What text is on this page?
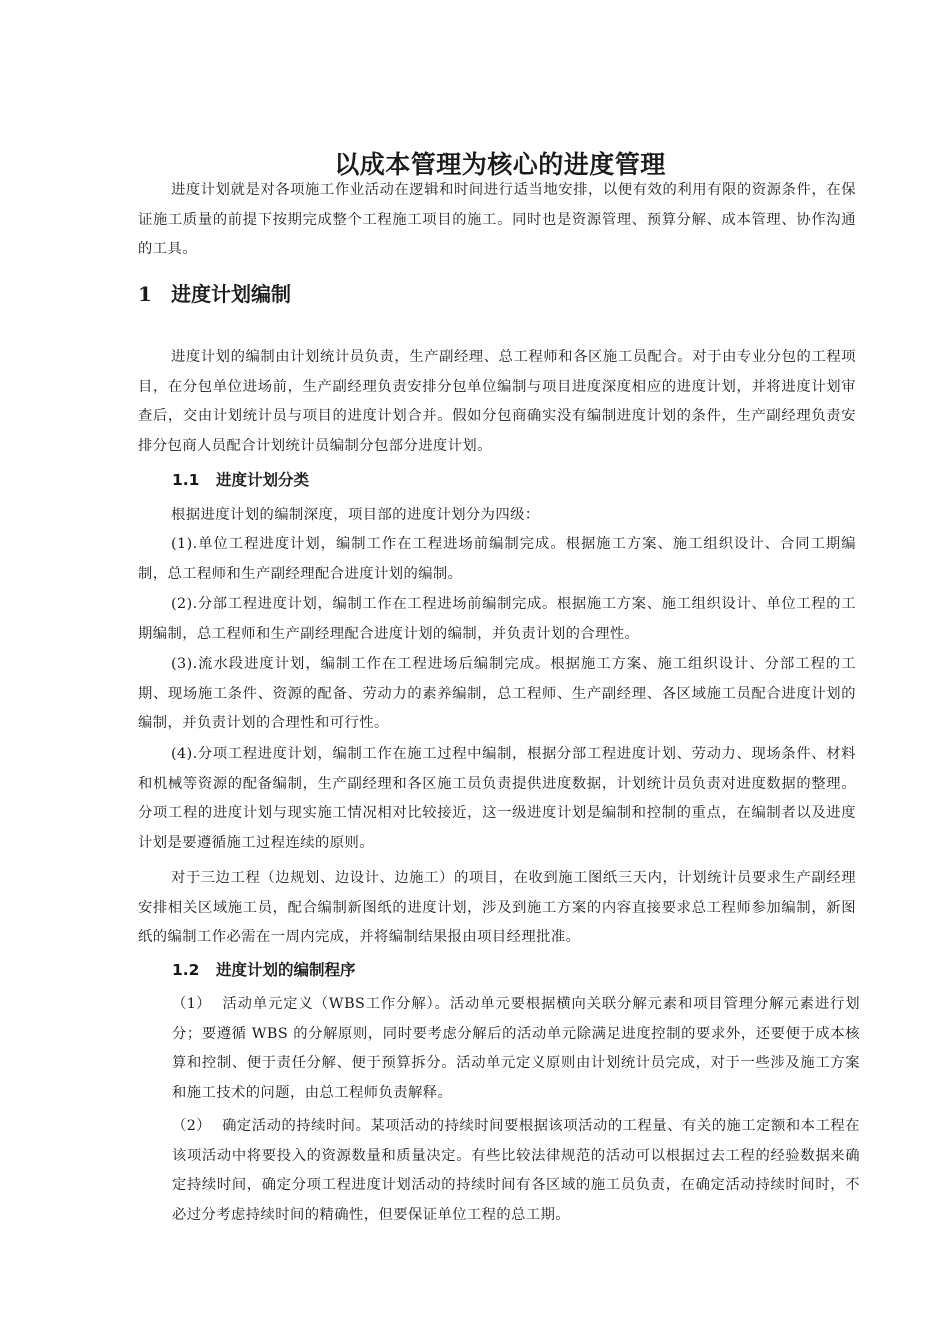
以成本管理为核心的进度管理

进度计划就是对各项施工作业活动在逻辑和时间进行适当地安排，以便有效的利用有限的资源条件，在保证施工质量的前提下按期完成整个工程施工项目的施工。同时也是资源管理、预算分解、成本管理、协作沟通的工具。

1 进度计划编制

进度计划的编制由计划统计员负责，生产副经理、总工程师和各区施工员配合。对于由专业分包的工程项目，在分包单位进场前，生产副经理负责安排分包单位编制与项目进度深度相应的进度计划，并将进度计划审查后，交由计划统计员与项目的进度计划合并。假如分包商确实没有编制进度计划的条件，生产副经理负责安排分包商人员配合计划统计员编制分包部分进度计划。

1.1 进度计划分类

根据进度计划的编制深度，项目部的进度计划分为四级：

(1).单位工程进度计划，编制工作在工程进场前编制完成。根据施工方案、施工组织设计、合同工期编制，总工程师和生产副经理配合进度计划的编制。

(2).分部工程进度计划，编制工作在工程进场前编制完成。根据施工方案、施工组织设计、单位工程的工期编制，总工程师和生产副经理配合进度计划的编制，并负责计划的合理性。

(3).流水段进度计划，编制工作在工程进场后编制完成。根据施工方案、施工组织设计、分部工程的工期、现场施工条件、资源的配备、劳动力的素养编制，总工程师、生产副经理、各区域施工员配合进度计划的编制，并负责计划的合理性和可行性。

(4).分项工程进度计划，编制工作在施工过程中编制，根据分部工程进度计划、劳动力、现场条件、材料和机械等资源的配备编制，生产副经理和各区施工员负责提供进度数据，计划统计员负责对进度数据的整理。分项工程的进度计划与现实施工情况相对比较接近，这一级进度计划是编制和控制的重点，在编制者以及进度计划是要遵循施工过程连续的原则。

对于三边工程（边规划、边设计、边施工）的项目，在收到施工图纸三天内，计划统计员要求生产副经理安排相关区域施工员，配合编制新图纸的进度计划，涉及到施工方案的内容直接要求总工程师参加编制，新图纸的编制工作必需在一周内完成，并将编制结果报由项目经理批准。

1.2 进度计划的编制程序

（1） 活动单元定义（WBS工作分解）。活动单元要根据横向关联分解元素和项目管理分解元素进行划分；要遵循 WBS 的分解原则，同时要考虑分解后的活动单元除满足进度控制的要求外，还要便于成本核算和控制、便于责任分解、便于预算拆分。活动单元定义原则由计划统计员完成，对于一些涉及施工方案和施工技术的问题，由总工程师负责解释。

（2） 确定活动的持续时间。某项活动的持续时间要根据该项活动的工程量、有关的施工定额和本工程在该项活动中将要投入的资源数量和质量决定。有些比较法律规范的活动可以根据过去工程的经验数据来确定持续时间，确定分项工程进度计划活动的持续时间有各区域的施工员负责，在确定活动持续时间时，不必过分考虑持续时间的精确性，但要保证单位工程的总工期。
